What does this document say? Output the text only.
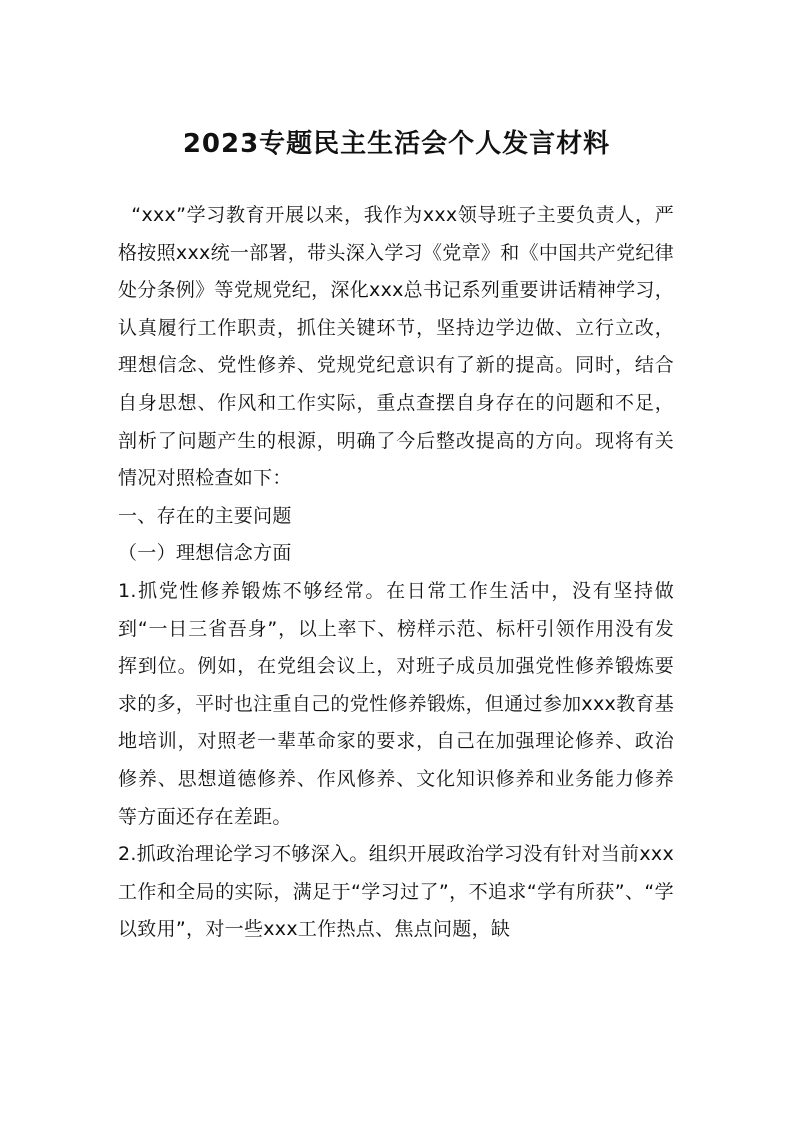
2023专题民主生活会个人发言材料

“xxx”学习教育开展以来，我作为xxx领导班子主要负责人，严格按照xxx统一部署，带头深入学习《党章》和《中国共产党纪律处分条例》等党规党纪，深化xxx总书记系列重要讲话精神学习，认真履行工作职责，抓住关键环节，坚持边学边做、立行立改，理想信念、党性修养、党规党纪意识有了新的提高。同时，结合自身思想、作风和工作实际，重点查摆自身存在的问题和不足，剖析了问题产生的根源，明确了今后整改提高的方向。现将有关情况对照检查如下：

一、存在的主要问题

（一）理想信念方面

1.抓党性修养锻炼不够经常。在日常工作生活中，没有坚持做到“一日三省吾身”，以上率下、榜样示范、标杆引领作用没有发挥到位。例如，在党组会议上，对班子成员加强党性修养锻炼要求的多，平时也注重自己的党性修养锻炼，但通过参加xxx教育基地培训，对照老一辈革命家的要求，自己在加强理论修养、政治修养、思想道德修养、作风修养、文化知识修养和业务能力修养等方面还存在差距。

2.抓政治理论学习不够深入。组织开展政治学习没有针对当前xxx工作和全局的实际，满足于“学习过了”，不追求“学有所获”、“学以致用”，对一些xxx工作热点、焦点问题，缺
